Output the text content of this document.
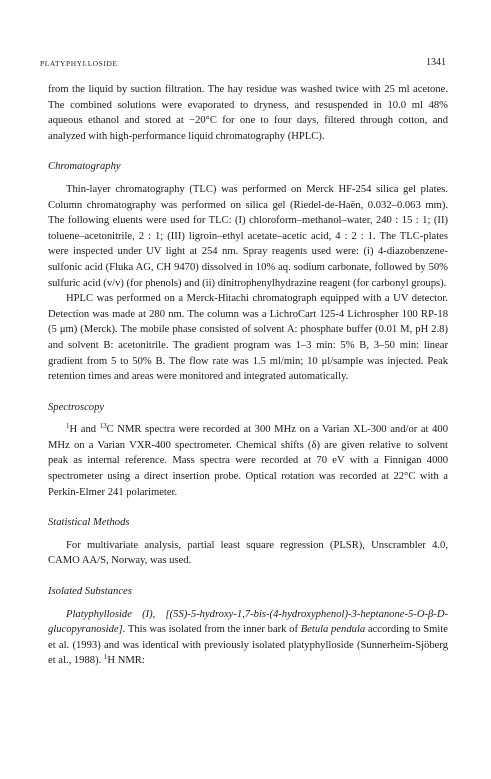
PLATYPHYLLOSIDE	1341

from the liquid by suction filtration. The hay residue was washed twice with 25 ml acetone. The combined solutions were evaporated to dryness, and resuspended in 10.0 ml 48% aqueous ethanol and stored at −20°C for one to four days, filtered through cotton, and analyzed with high-performance liquid chromatography (HPLC).

Chromatography

Thin-layer chromatography (TLC) was performed on Merck HF-254 silica gel plates. Column chromatography was performed on silica gel (Riedel-de-Haën, 0.032–0.063 mm). The following eluents were used for TLC: (I) chloroform–methanol–water, 240 : 15 : 1; (II) toluene–acetonitrile, 2 : 1; (III) ligroin–ethyl acetate–acetic acid, 4 : 2 : 1. The TLC-plates were inspected under UV light at 254 nm. Spray reagents used were: (i) 4-diazobenzene-sulfonic acid (Fluka AG, CH 9470) dissolved in 10% aq. sodium carbonate, followed by 50% sulfuric acid (v/v) (for phenols) and (ii) dinitrophenylhydrazine reagent (for carbonyl groups).

HPLC was performed on a Merck-Hitachi chromatograph equipped with a UV detector. Detection was made at 280 nm. The column was a LichroCart 125-4 Lichrospher 100 RP-18 (5 μm) (Merck). The mobile phase consisted of solvent A: phosphate buffer (0.01 M, pH 2.8) and solvent B: acetonitrile. The gradient program was 1–3 min: 5% B, 3–50 min: linear gradient from 5 to 50% B. The flow rate was 1.5 ml/min; 10 μl/sample was injected. Peak retention times and areas were monitored and integrated automatically.

Spectroscopy

$^1$H and $^{13}$C NMR spectra were recorded at 300 MHz on a Varian XL-300 and/or at 400 MHz on a Varian VXR-400 spectrometer. Chemical shifts (δ) are given relative to solvent peak as internal reference. Mass spectra were recorded at 70 eV with a Finnigan 4000 spectrometer using a direct insertion probe. Optical rotation was recorded at 22°C with a Perkin-Elmer 241 polarimeter.

Statistical Methods

For multivariate analysis, partial least square regression (PLSR), Unscrambler 4.0, CAMO AA/S, Norway, was used.

Isolated Substances

Platyphylloside (I), [(5S)-5-hydroxy-1,7-bis-(4-hydroxyphenol)-3-heptanone-5-O-β-D-glucopyranoside]. This was isolated from the inner bark of Betula pendula according to Smite et al. (1993) and was identical with previously isolated platyphylloside (Sunnerheim-Sjöberg et al., 1988). $^1$H NMR:
